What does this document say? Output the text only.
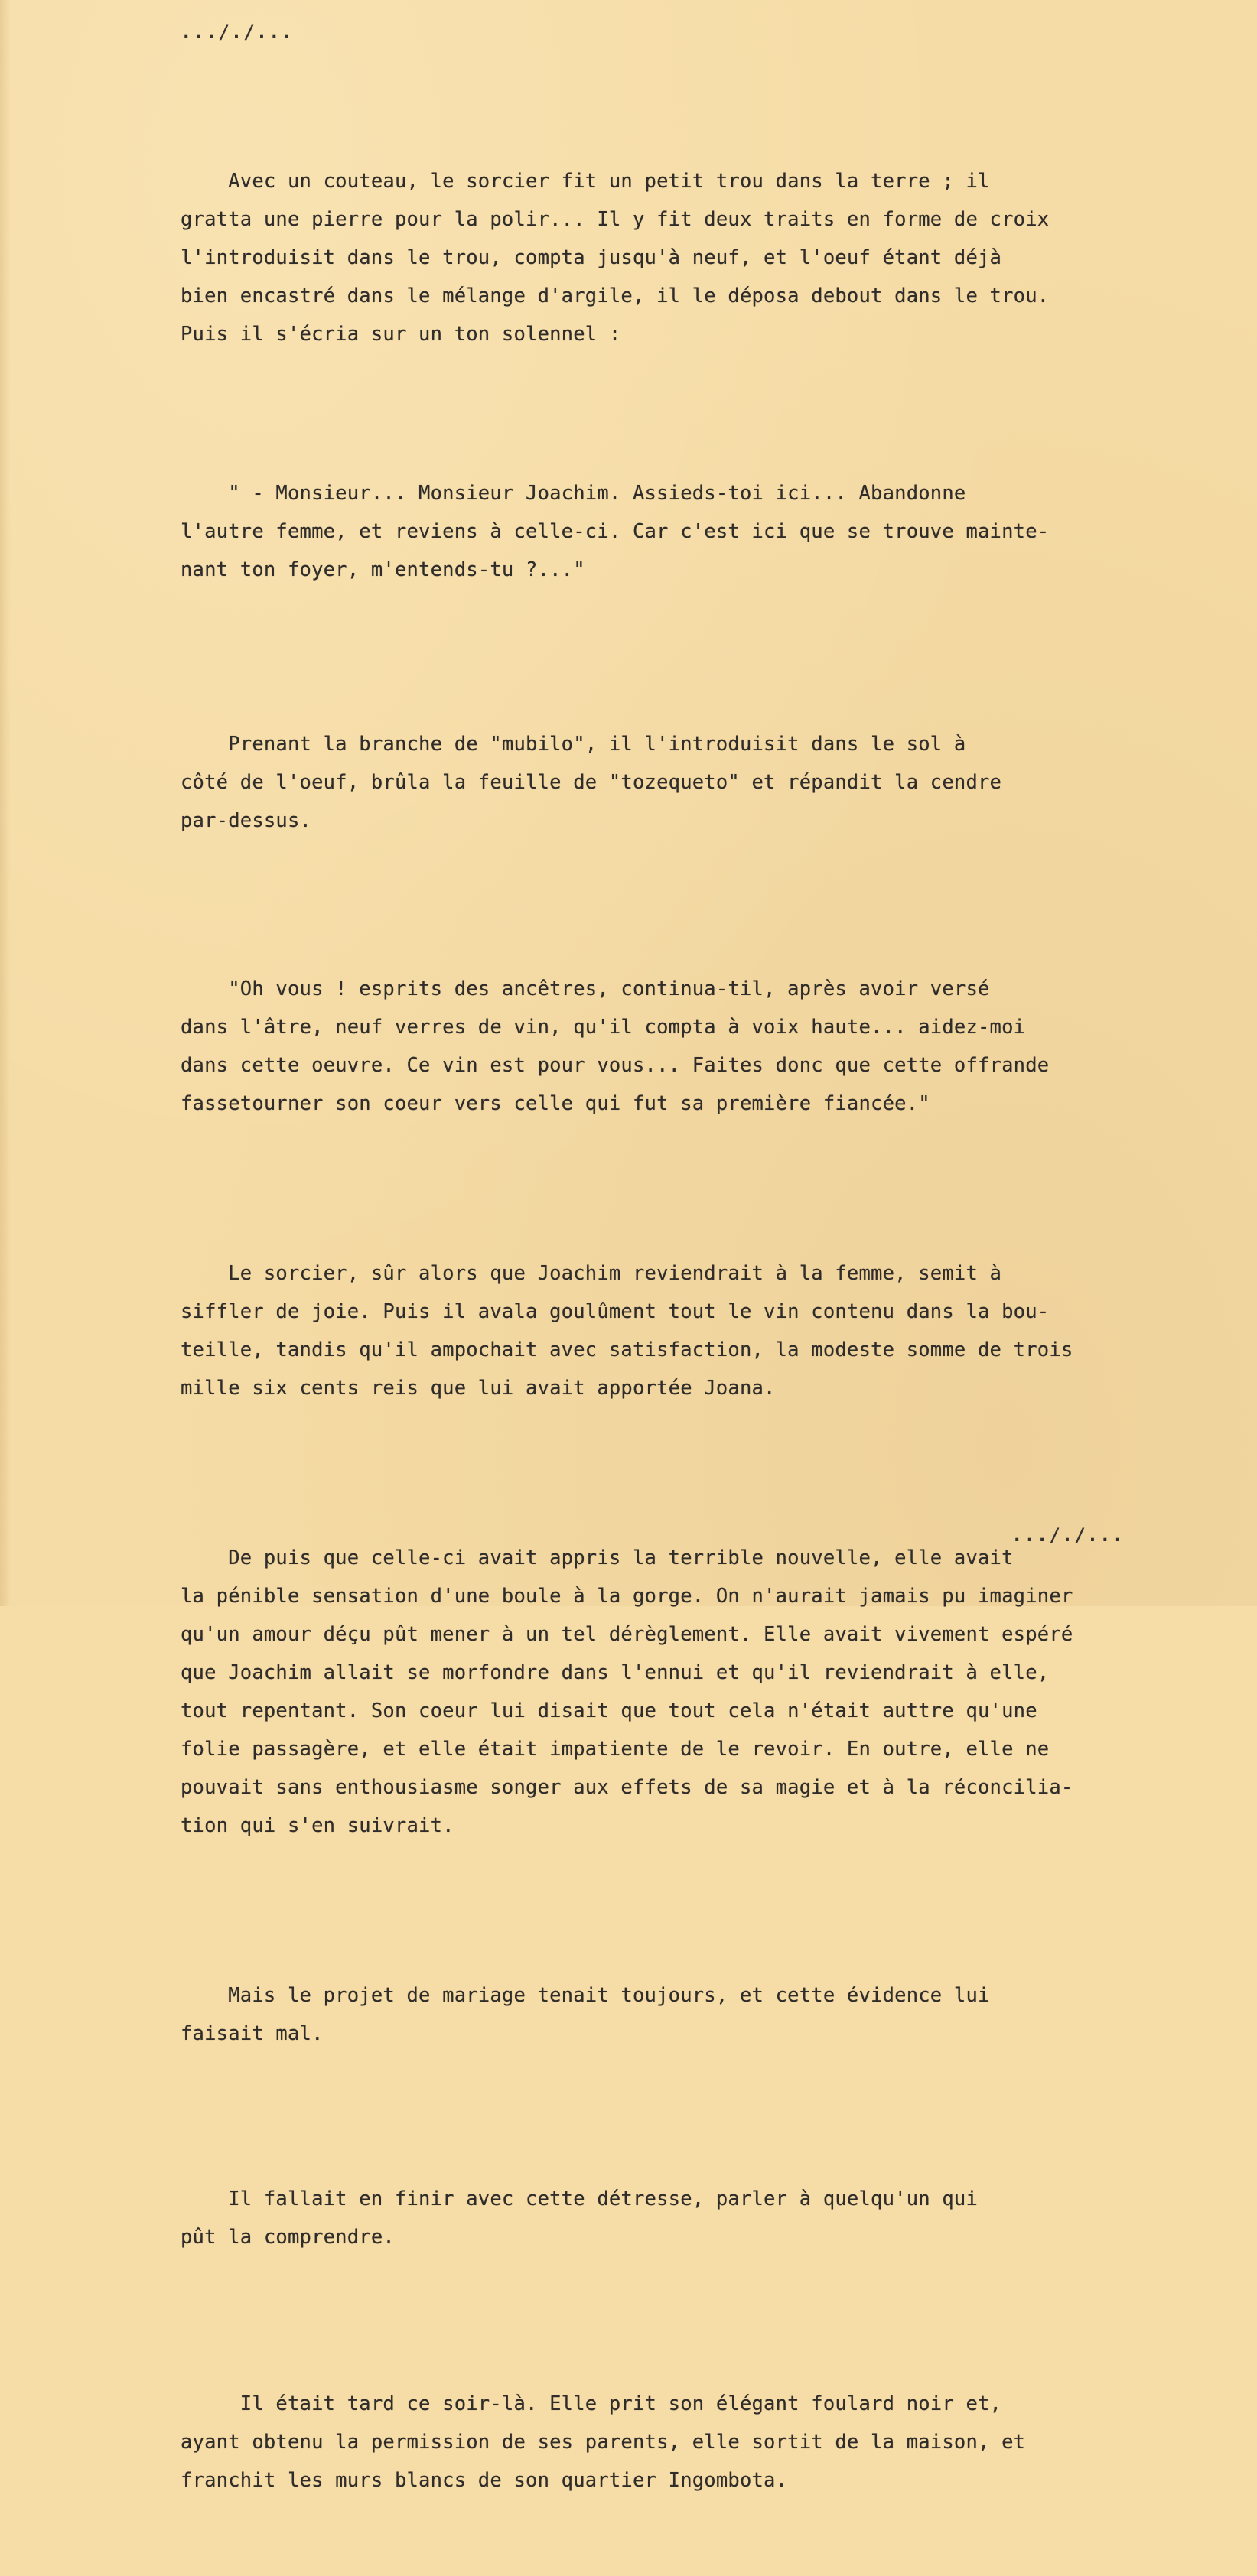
..././...

Avec un couteau, le sorcier fit un petit trou dans la terre ; il
gratta une pierre pour la polir... Il y fit deux traits en forme de croix
l'introduisit dans le trou, compta jusqu'à neuf, et l'oeuf étant déjà
bien encastré dans le mélange d'argile, il le déposa debout dans le trou.
Puis il s'écria sur un ton solennel :

" - Monsieur... Monsieur Joachim. Assieds-toi ici... Abandonne
l'autre femme, et reviens à celle-ci. Car c'est ici que se trouve mainte-
nant ton foyer, m'entends-tu ?..."

Prenant la branche de "mubilo", il l'introduisit dans le sol à
côté de l'oeuf, brûla la feuille de "tozequeto" et répandit la cendre
par-dessus.

"Oh vous ! esprits des ancêtres, continua-til, après avoir versé
dans l'âtre, neuf verres de vin, qu'il compta à voix haute... aidez-moi
dans cette oeuvre. Ce vin est pour vous... Faites donc que cette offrande
fassetourner son coeur vers celle qui fut sa première fiancée."

Le sorcier, sûr alors que Joachim reviendrait à la femme, semit à
siffler de joie. Puis il avala goulûment tout le vin contenu dans la bou-
teille, tandis qu'il ampochait avec satisfaction, la modeste somme de trois
mille six cents reis que lui avait apportée Joana.

De puis que celle-ci avait appris la terrible nouvelle, elle avait
la pénible sensation d'une boule à la gorge. On n'aurait jamais pu imaginer
qu'un amour déçu pût mener à un tel dérèglement. Elle avait vivement espéré
que Joachim allait se morfondre dans l'ennui et qu'il reviendrait à elle,
tout repentant. Son coeur lui disait que tout cela n'était auttre qu'une
folie passagère, et elle était impatiente de le revoir. En outre, elle ne
pouvait sans enthousiasme songer aux effets de sa magie et à la réconcilia-
tion qui s'en suivrait.

Mais le projet de mariage tenait toujours, et cette évidence lui
faisait mal.

Il fallait en finir avec cette détresse, parler à quelqu'un qui
pût la comprendre.

Il était tard ce soir-là. Elle prit son élégant foulard noir et,
ayant obtenu la permission de ses parents, elle sortit de la maison, et
franchit les murs blancs de son quartier Ingombota.

..././...
